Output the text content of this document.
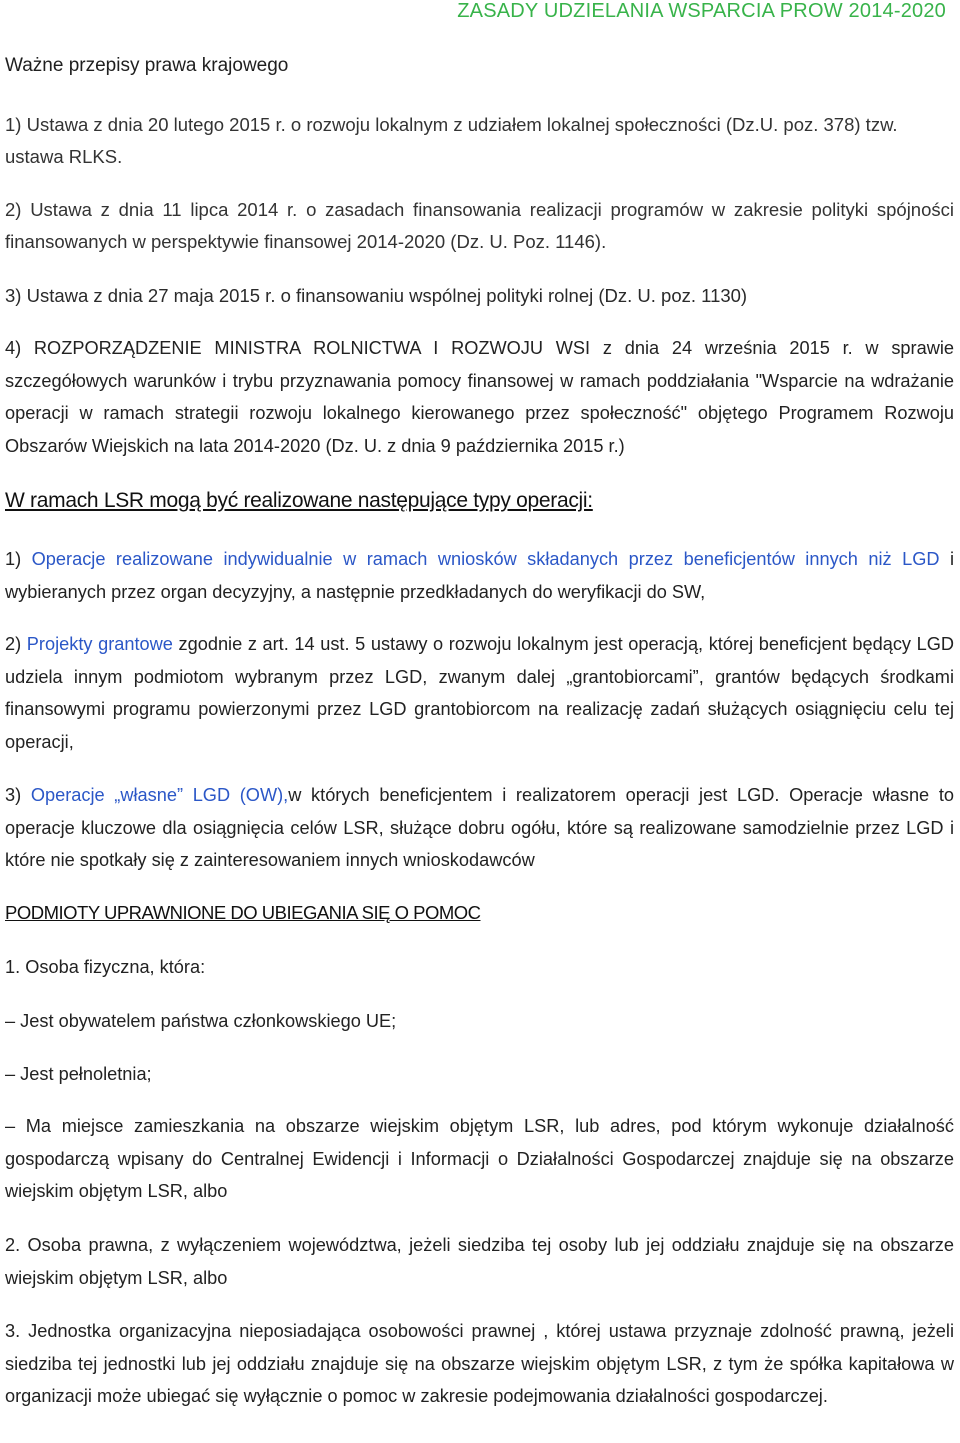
ZASADY UDZIELANIA WSPARCIA PROW 2014-2020
Ważne przepisy prawa krajowego

1) Ustawa z dnia 20 lutego 2015 r. o rozwoju lokalnym z udziałem lokalnej społeczności (Dz.U. poz. 378) tzw. ustawa RLKS.

2) Ustawa z dnia 11 lipca 2014 r. o zasadach finansowania realizacji programów w zakresie polityki spójności finansowanych w perspektywie finansowej 2014-2020 (Dz. U. Poz. 1146).

3) Ustawa z dnia 27 maja 2015 r. o finansowaniu wspólnej polityki rolnej (Dz. U. poz. 1130)

4) ROZPORZĄDZENIE MINISTRA ROLNICTWA I ROZWOJU WSI z dnia 24 września 2015 r. w sprawie szczegółowych warunków i trybu przyznawania pomocy finansowej w ramach poddziałania "Wsparcie na wdrażanie operacji w ramach strategii rozwoju lokalnego kierowanego przez społeczność" objętego Programem Rozwoju Obszarów Wiejskich na lata 2014-2020 (Dz. U. z dnia 9 października 2015 r.)

W ramach LSR mogą być realizowane następujące typy operacji:

1) Operacje realizowane indywidualnie w ramach wniosków składanych przez beneficjentów innych niż LGD i wybieranych przez organ decyzyjny, a następnie przedkładanych do weryfikacji do SW,

2) Projekty grantowe zgodnie z art. 14 ust. 5 ustawy o rozwoju lokalnym jest operacją, której beneficjent będący LGD udziela innym podmiotom wybranym przez LGD, zwanym dalej „grantobiorcami”, grantów będących środkami finansowymi programu powierzonymi przez LGD grantobiorcom na realizację zadań służących osiągnięciu celu tej operacji,

3) Operacje „własne” LGD (OW),w których beneficjentem i realizatorem operacji jest LGD. Operacje własne to operacje kluczowe dla osiągnięcia celów LSR, służące dobru ogółu, które są realizowane samodzielnie przez LGD i które nie spotkały się z zainteresowaniem innych wnioskodawców

PODMIOTY UPRAWNIONE DO UBIEGANIA SIĘ O POMOC

1. Osoba fizyczna, która:

– Jest obywatelem państwa członkowskiego UE;

– Jest pełnoletnia;

– Ma miejsce zamieszkania na obszarze wiejskim objętym LSR, lub adres, pod którym wykonuje działalność gospodarczą wpisany do Centralnej Ewidencji i Informacji o Działalności Gospodarczej znajduje się na obszarze wiejskim objętym LSR, albo

2. Osoba prawna, z wyłączeniem województwa, jeżeli siedziba tej osoby lub jej oddziału znajduje się na obszarze wiejskim objętym LSR, albo

3. Jednostka organizacyjna nieposiadająca osobowości prawnej , której ustawa przyznaje zdolność prawną, jeżeli siedziba tej jednostki lub jej oddziału znajduje się na obszarze wiejskim objętym LSR, z tym że spółka kapitałowa w organizacji może ubiegać się wyłącznie o pomoc w zakresie podejmowania działalności gospodarczej.
